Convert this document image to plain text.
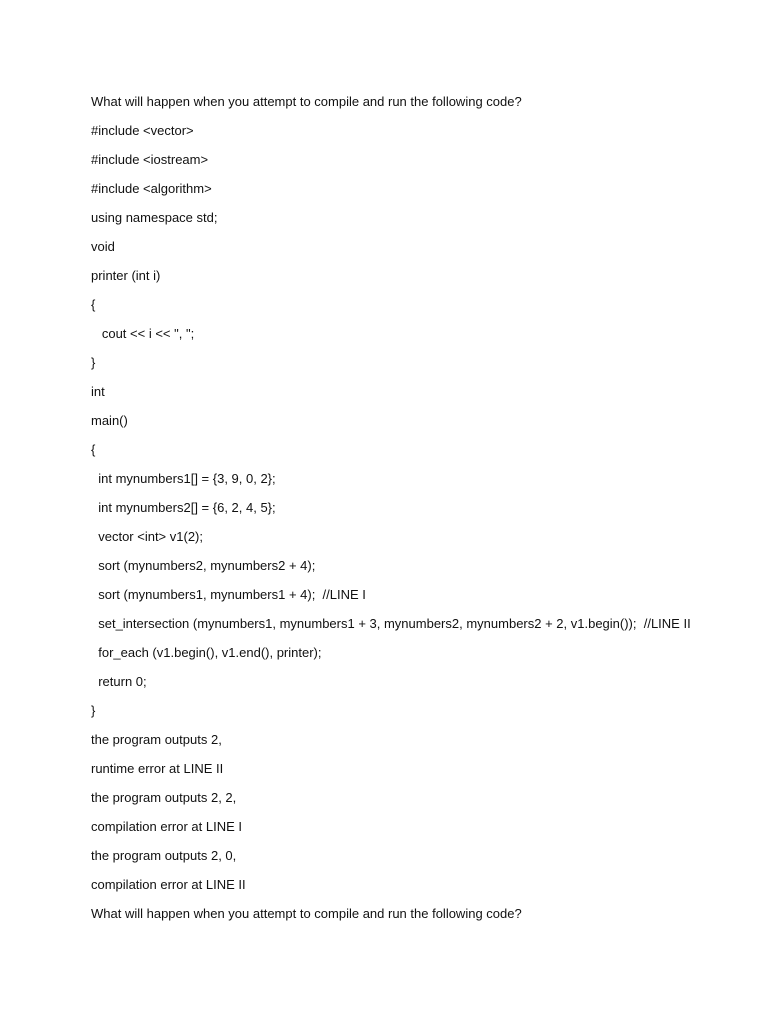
What will happen when you attempt to compile and run the following code?
#include <vector>
#include <iostream>
#include <algorithm>
using namespace std;
void
printer (int i)
{
cout << i << ", ";
}
int
main()
{
int mynumbers1[] = {3, 9, 0, 2};
int mynumbers2[] = {6, 2, 4, 5};
vector <int> v1(2);
sort (mynumbers2, mynumbers2 + 4);
sort (mynumbers1, mynumbers1 + 4);  //LINE I
set_intersection (mynumbers1, mynumbers1 + 3, mynumbers2, mynumbers2 + 2, v1.begin());  //LINE II
for_each (v1.begin(), v1.end(), printer);
return 0;
}
the program outputs 2,
runtime error at LINE II
the program outputs 2, 2,
compilation error at LINE I
the program outputs 2, 0,
compilation error at LINE II
What will happen when you attempt to compile and run the following code?
